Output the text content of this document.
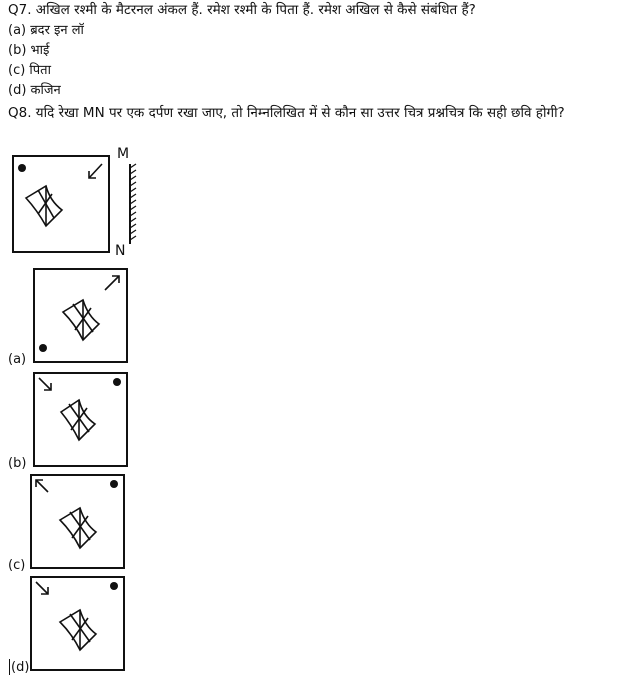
Q7. अखिल रश्मी के मैटरनल अंकल हैं. रमेश रश्मी के पिता हैं. रमेश अखिल से कैसे संबंधित हैं?
(a) ब्रदर इन लॉ
(b) भाई
(c) पिता
(d) कजिन
Q8. यदि रेखा MN पर एक दर्पण रखा जाए, तो निम्नलिखित में से कौन सा उत्तर चित्र प्रश्नचित्र कि सही छवि होगी?
M
N
(a)
(b)
(c)
(d)
